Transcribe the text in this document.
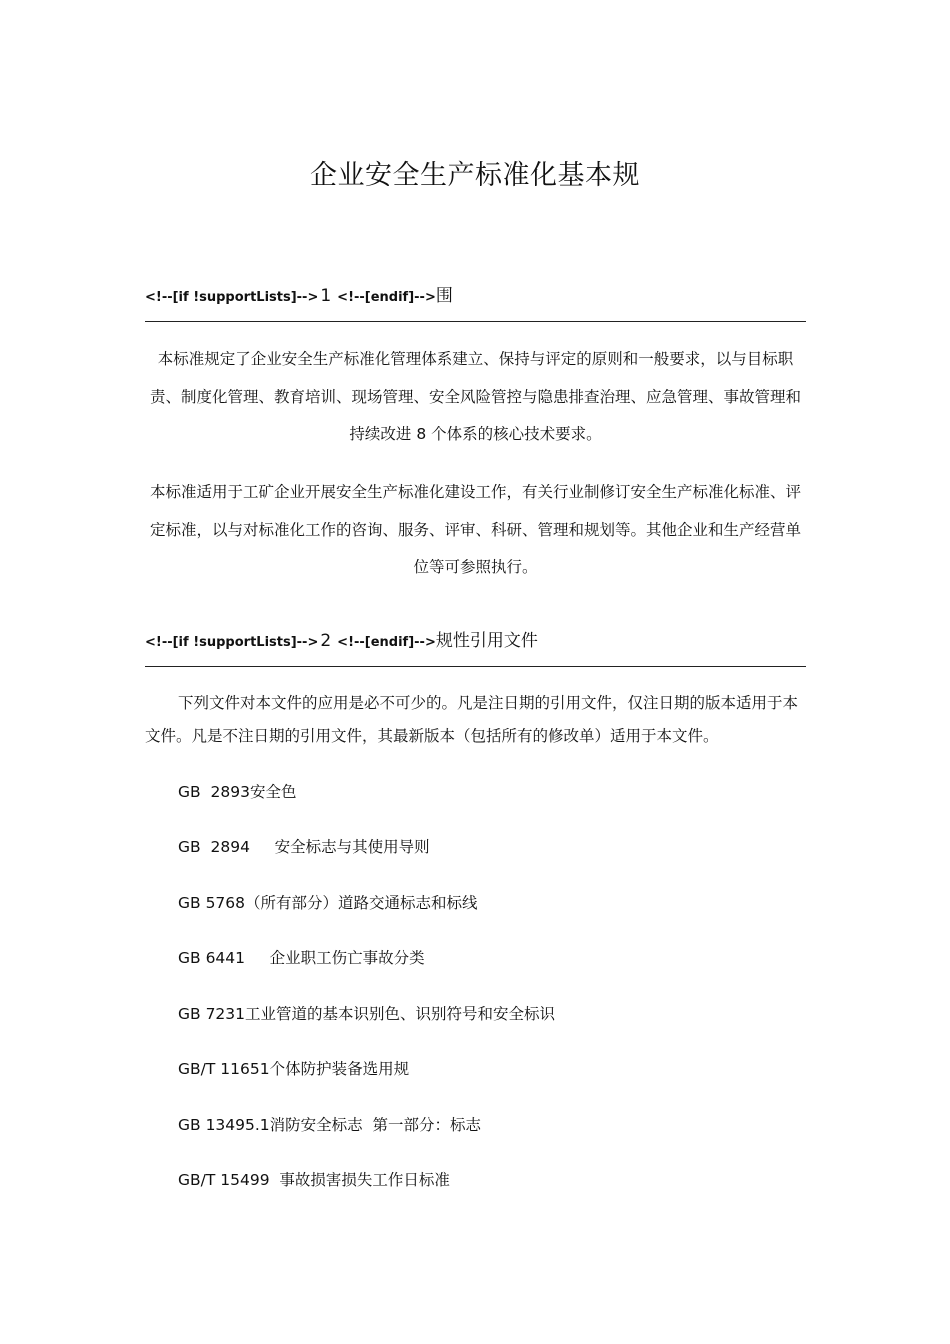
企业安全生产标准化基本规
<!--[if !supportLists]--> 1 <!--[endif]-->围
本标准规定了企业安全生产标准化管理体系建立、保持与评定的原则和一般要求，以与目标职责、制度化管理、教育培训、现场管理、安全风险管控与隐患排查治理、应急管理、事故管理和持续改进 8 个体系的核心技术要求。
本标准适用于工矿企业开展安全生产标准化建设工作，有关行业制修订安全生产标准化标准、评定标准，以与对标准化工作的咨询、服务、评审、科研、管理和规划等。其他企业和生产经营单位等可参照执行。
<!--[if !supportLists]--> 2 <!--[endif]-->规性引用文件
下列文件对本文件的应用是必不可少的。凡是注日期的引用文件，仅注日期的版本适用于本文件。凡是不注日期的引用文件，其最新版本（包括所有的修改单）适用于本文件。
GB  2893安全色
GB  2894     安全标志与其使用导则
GB 5768（所有部分）道路交通标志和标线
GB 6441     企业职工伤亡事故分类
GB 7231工业管道的基本识别色、识别符号和安全标识
GB/T 11651个体防护装备选用规
GB 13495.1消防安全标志  第一部分：标志
GB/T 15499  事故损害损失工作日标准
